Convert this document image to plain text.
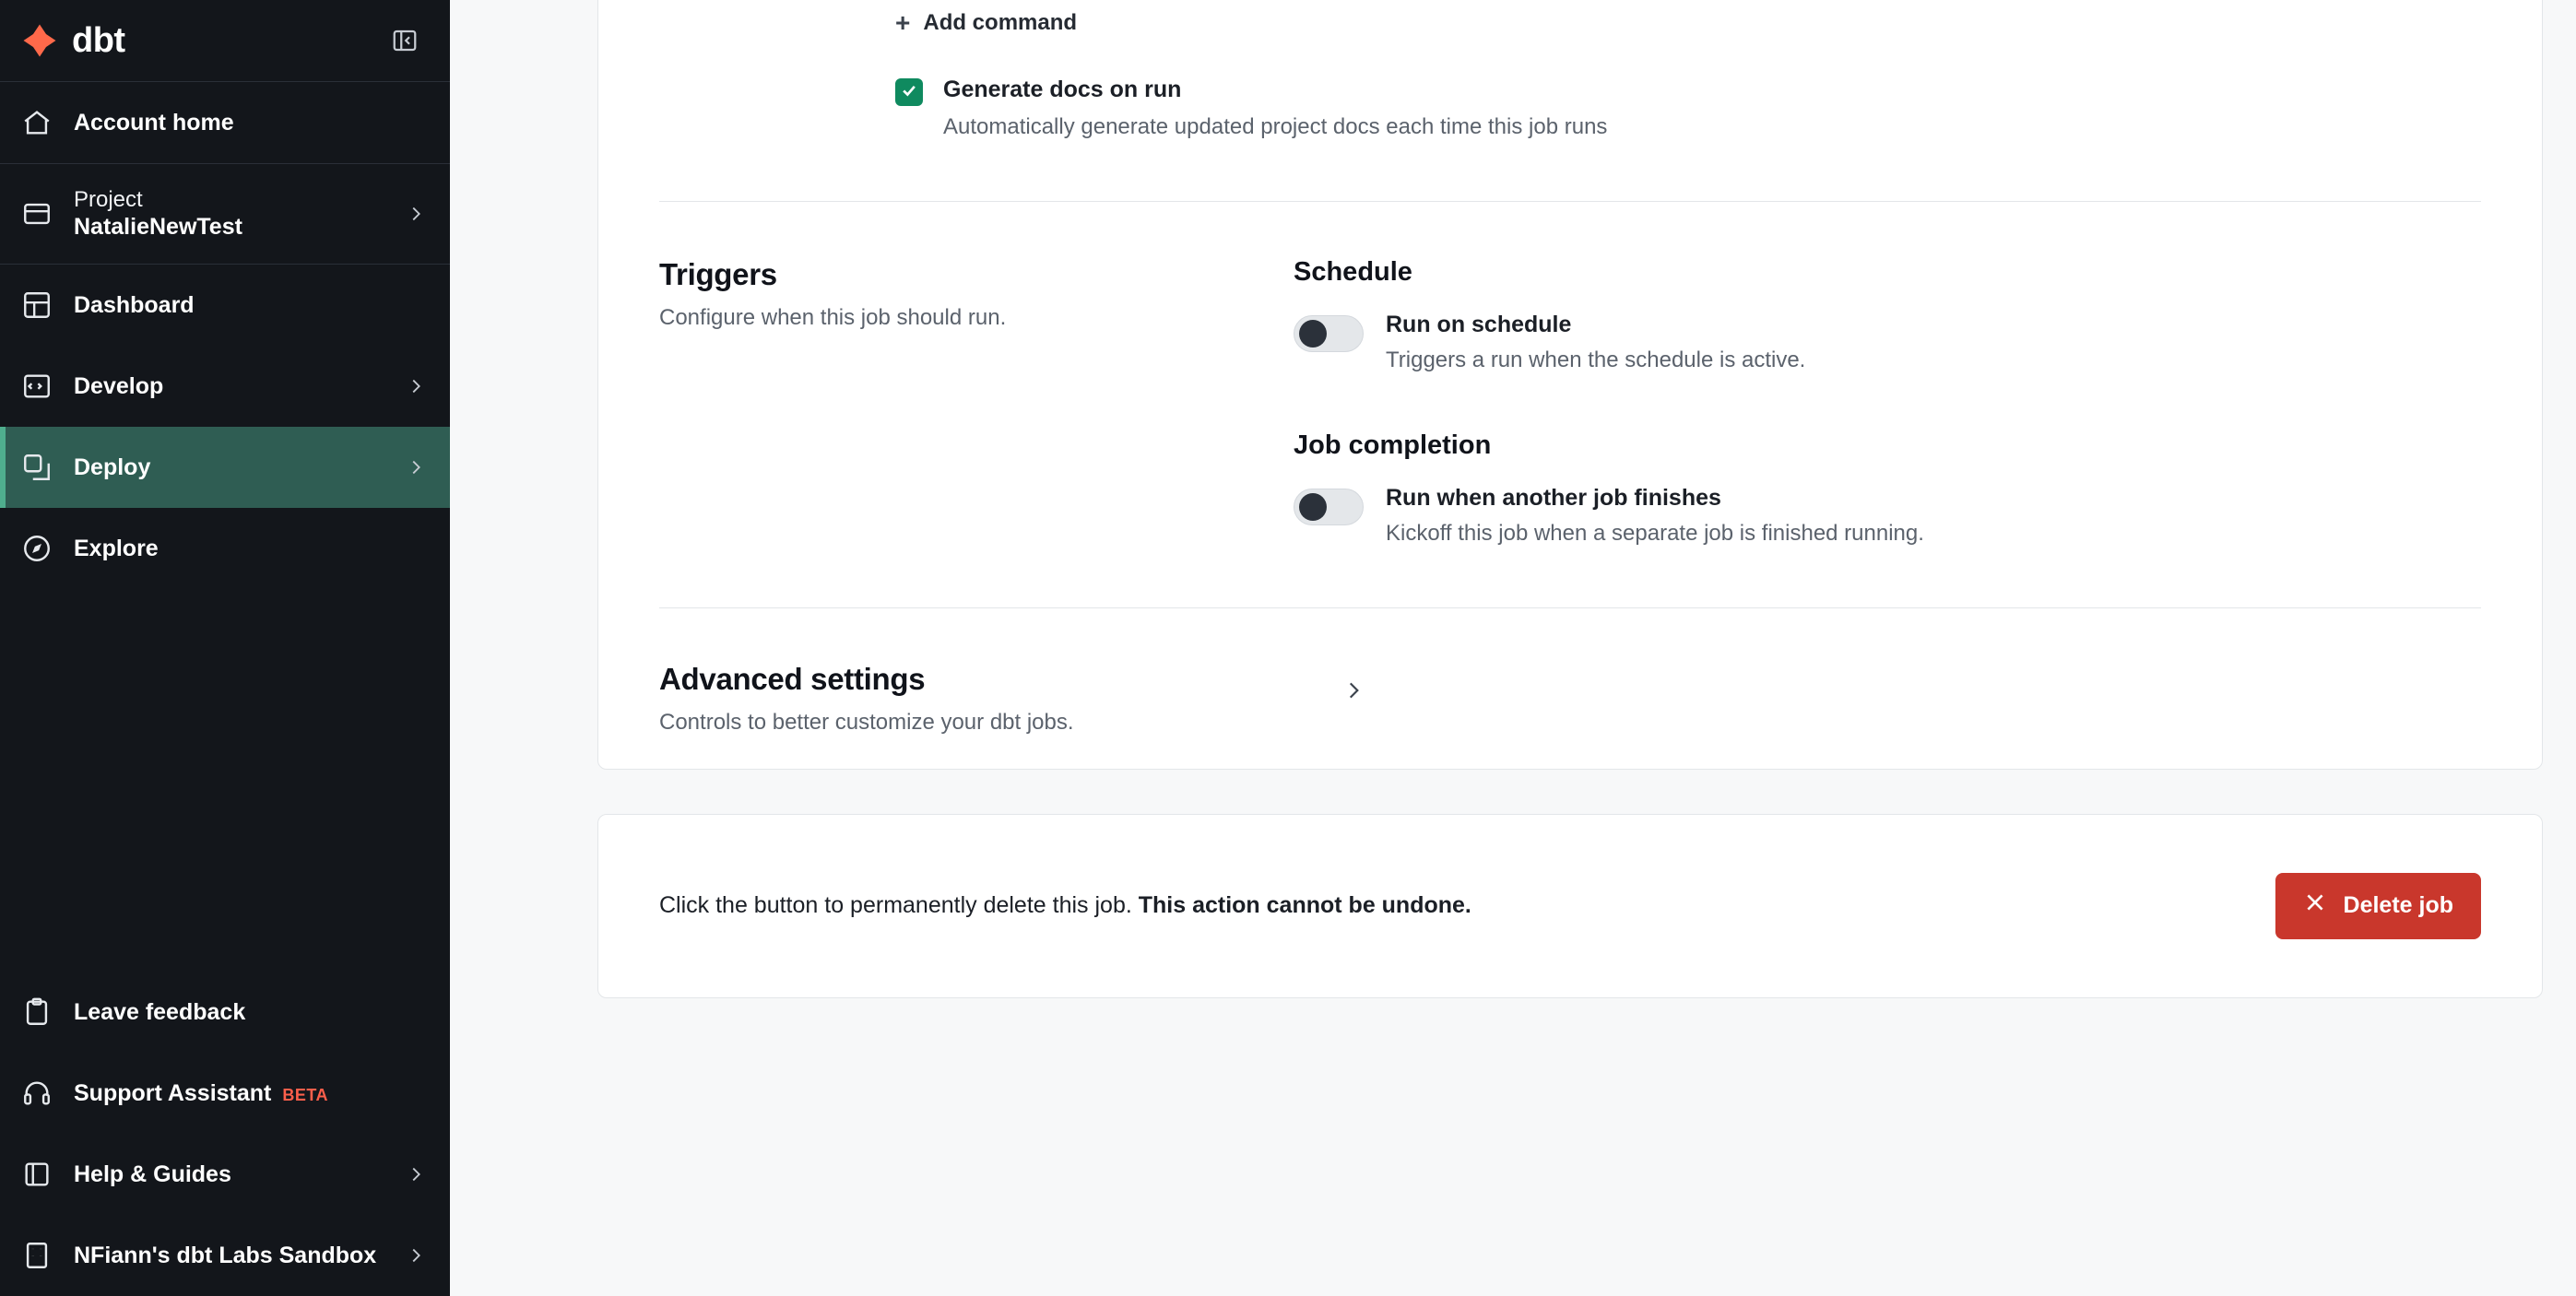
dbt
Account home
Project
NatalieNewTest
Dashboard
Develop
Deploy
Explore
Leave feedback
Support Assistant BETA
Help & Guides
NFiann's dbt Labs Sandbox
+ Add command
Generate docs on run
Automatically generate updated project docs each time this job runs
Triggers

Configure when this job should run.

Schedule
Run on schedule
Triggers a run when the schedule is active.
Job completion
Run when another job finishes
Kickoff this job when a separate job is finished running.
Advanced settings

Controls to better customize your dbt jobs.

Click the button to permanently delete this job. This action cannot be undone.	Delete job
